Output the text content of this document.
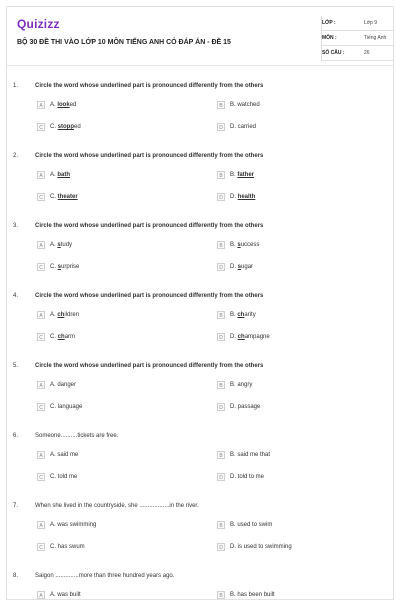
Quizizz
BỘ 30 ĐỀ THI VÀO LỚP 10 MÔN TIẾNG ANH CÓ ĐÁP ÁN - ĐỀ 15
LỚP :	Lớp 9
MÔN :	Tiếng Anh
SỐ CÂU :	26
1.	Circle the word whose underlined part is pronounced differently from the others
A	A. looked	B	B. watched
C	C. stopped	D	D. carried
2.	Circle the word whose underlined part is pronounced differently from the others
A	A. bath	B	B. father
C	C. theater	D	D. health
3.	Circle the word whose underlined part is pronounced differently from the others
A	A. study	B	B. success
C	C. surprise	D	D. sugar
4.	Circle the word whose underlined part is pronounced differently from the others
A	A. children	B	B. charity
C	C. charm	D	D. champagne
5.	Circle the word whose underlined part is pronounced differently from the others
A	A. danger	B	B. angry
C	C. language	D	D. passage
6.	Someone..........tickets are free.
A	A. said me	B	B. said me that
C	C. told me	D	D. told to me
7.	When she lived in the countryside, she ..................in the river.
A	A. was swimming	B	B. used to swim
C	C. has swum	D	D. is used to swimming
8.	Saigon ..............more than three hundred years ago.
A	A. was built	B	B. has been built
